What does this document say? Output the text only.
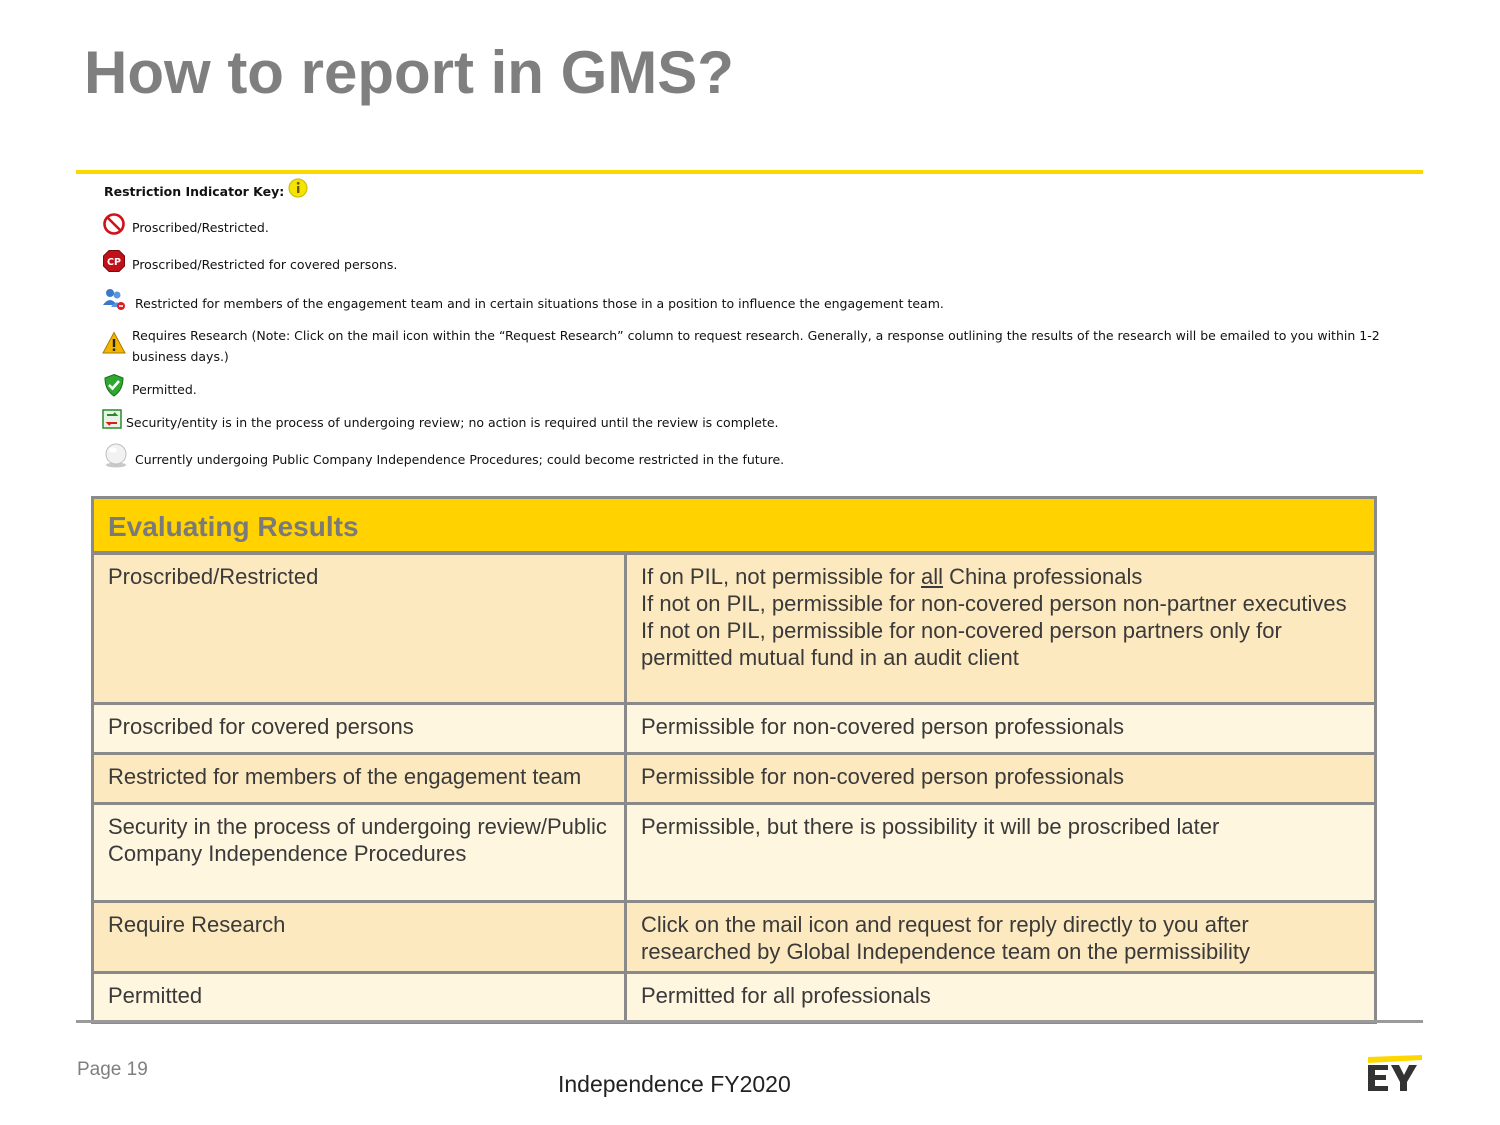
How to report in GMS?
Restriction Indicator Key:
Proscribed/Restricted.
CP Proscribed/Restricted for covered persons.
Restricted for members of the engagement team and in certain situations those in a position to influence the engagement team.
Requires Research (Note: Click on the mail icon within the “Request Research” column to request research. Generally, a response outlining the results of the research will be emailed to you within 1-2 business days.)
Permitted.
Security/entity is in the process of undergoing review; no action is required until the review is complete.
Currently undergoing Public Company Independence Procedures; could become restricted in the future.
Evaluating Results	
Proscribed/Restricted	If on PIL, not permissible for all China professionals
If not on PIL, permissible for non-covered person non-partner executives
If not on PIL, permissible for non-covered person partners only for permitted mutual fund in an audit client

Proscribed for covered persons	Permissible for non-covered person professionals
Restricted for members of the engagement team	Permissible for non-covered person professionals
Security in the process of undergoing review/Public Company Independence Procedures	Permissible, but there is possibility it will be proscribed later
Require Research	Click on the mail icon and request for reply directly to you after researched by Global Independence team on the permissibility
Permitted	Permitted for all professionals
Page 19
Independence FY2020
